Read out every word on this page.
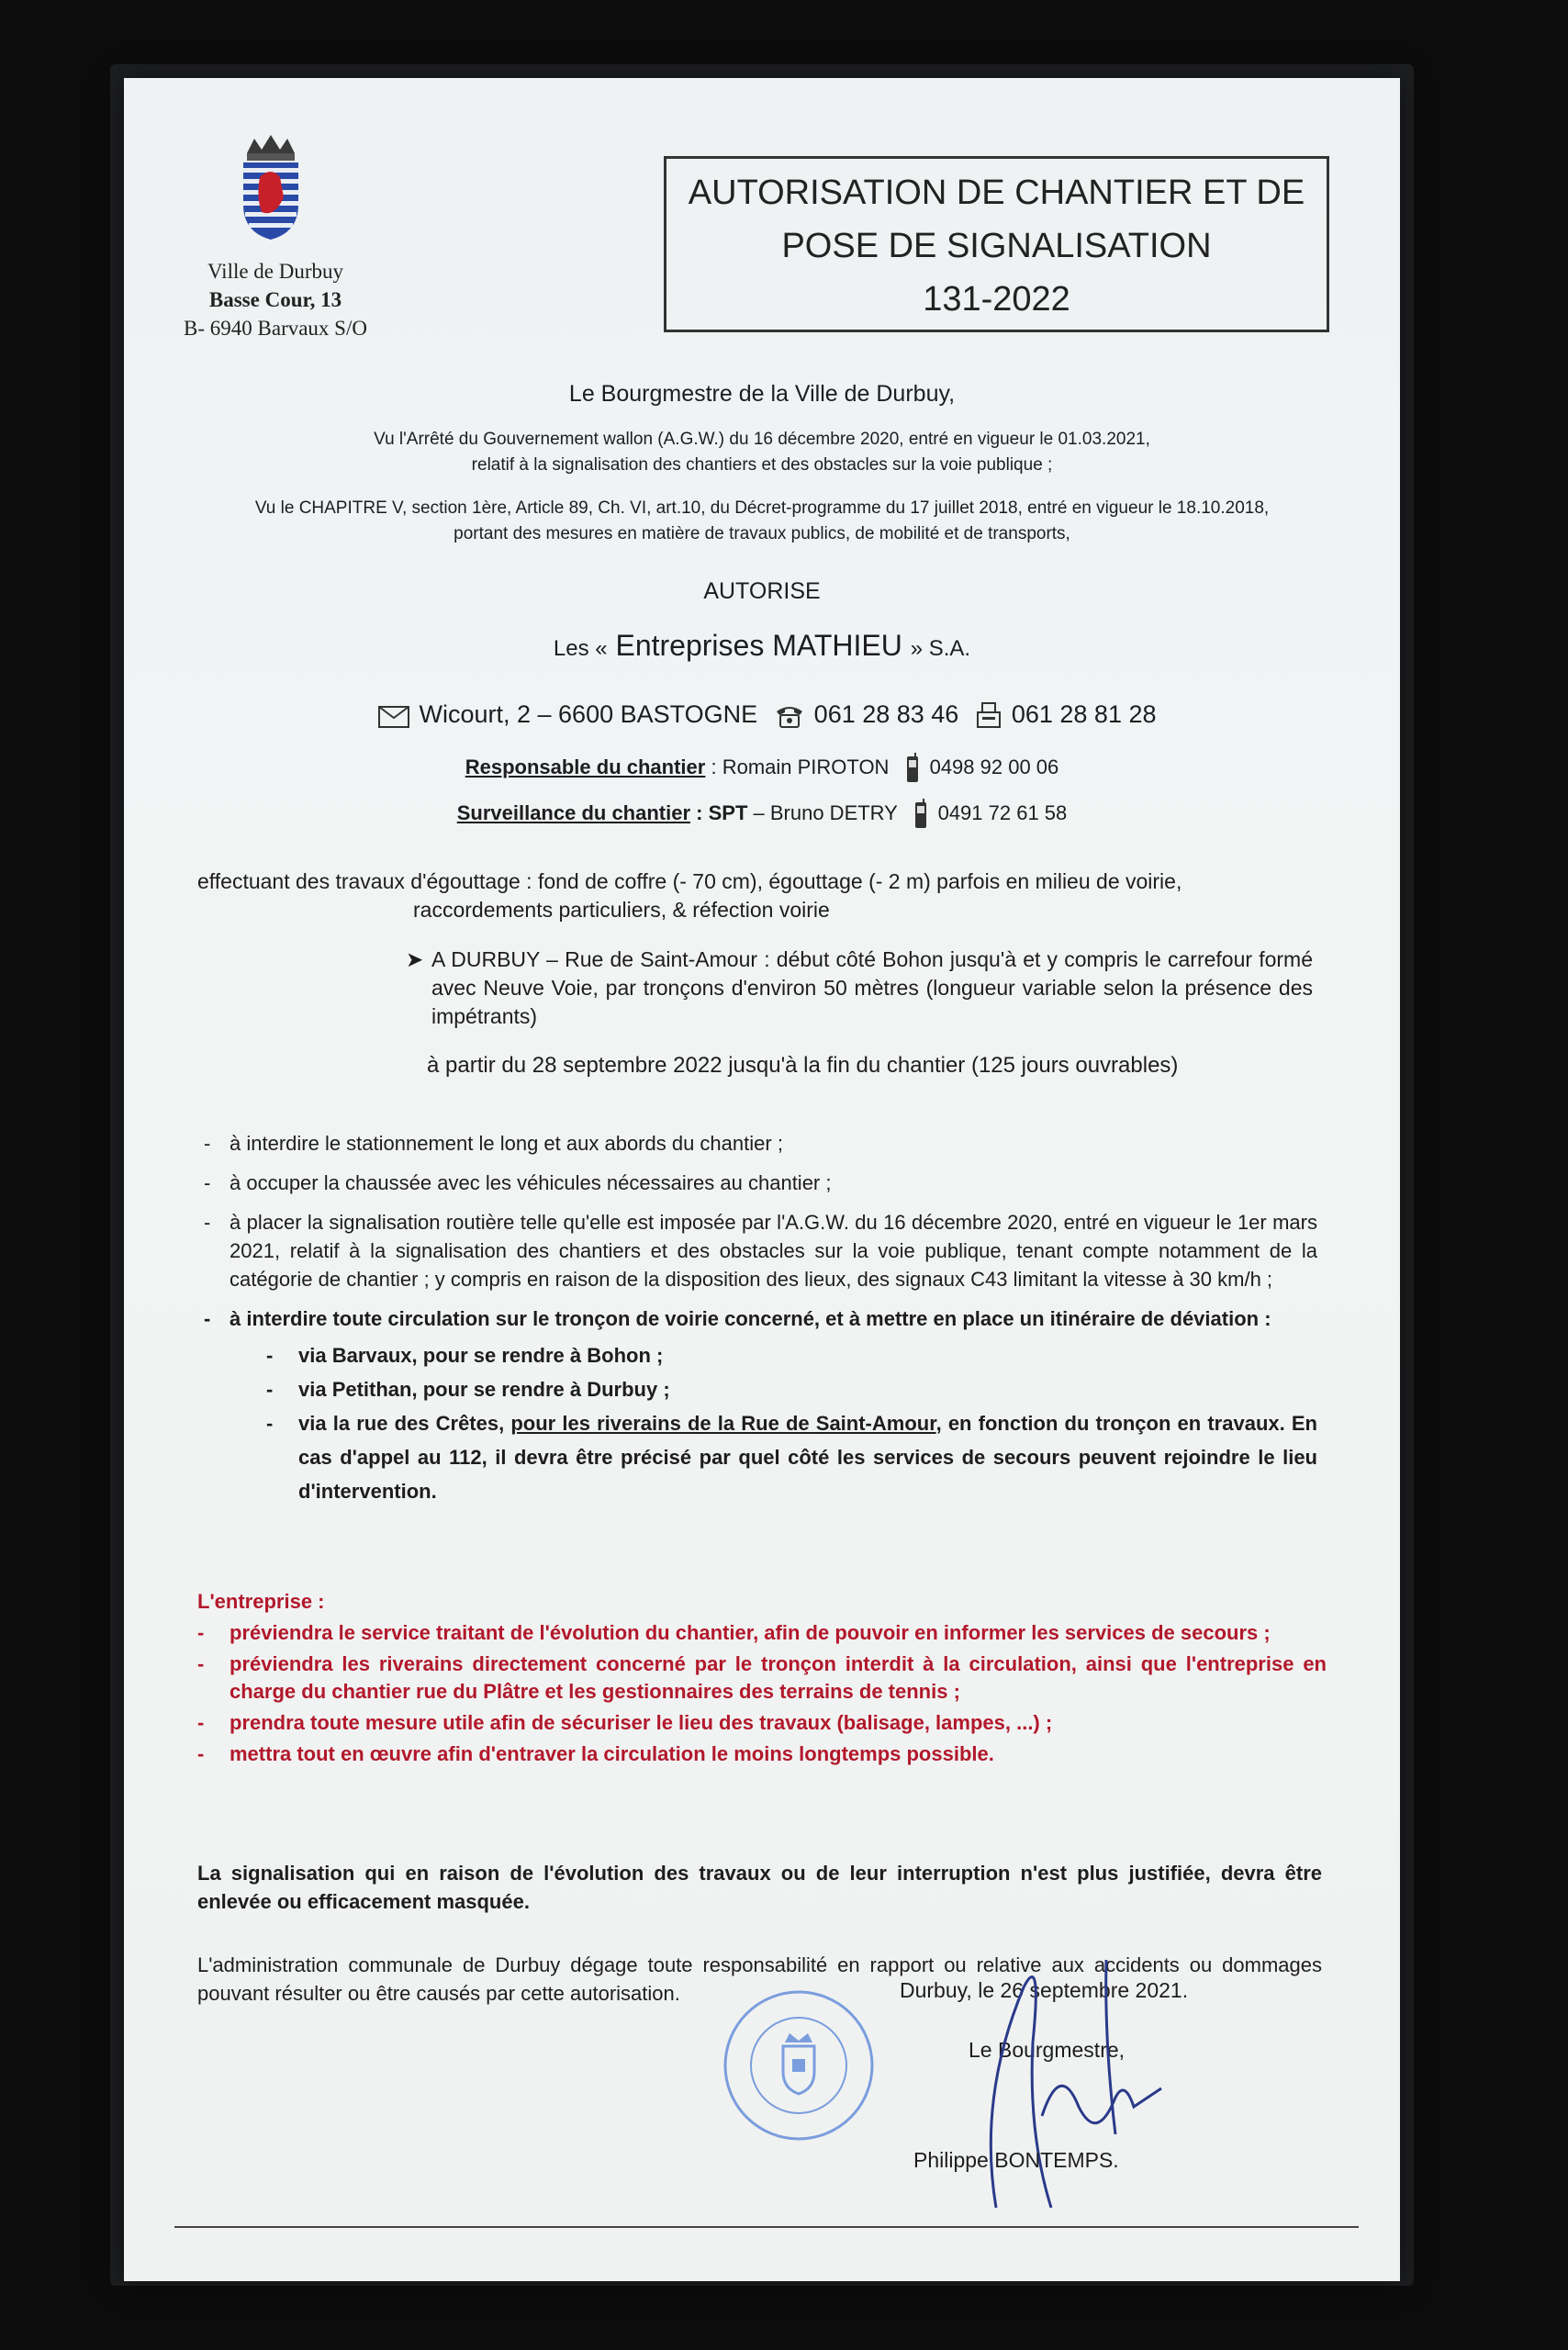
Ville de Durbuy
Basse Cour, 13
B- 6940 Barvaux S/O
AUTORISATION DE CHANTIER ET DE
POSE DE SIGNALISATION
131-2022
Le Bourgmestre de la Ville de Durbuy,
Vu l'Arrêté du Gouvernement wallon (A.G.W.) du 16 décembre 2020, entré en vigueur le 01.03.2021,
relatif à la signalisation des chantiers et des obstacles sur la voie publique ;
Vu le CHAPITRE V, section 1ère, Article 89, Ch. VI, art.10, du Décret-programme du 17 juillet 2018, entré en vigueur le 18.10.2018,
portant des mesures en matière de travaux publics, de mobilité et de transports,
AUTORISE
Les « Entreprises MATHIEU » S.A.
Wicourt, 2 – 6600 BASTOGNE 061 28 83 46 061 28 81 28
Responsable du chantier : Romain PIROTON 0498 92 00 06
Surveillance du chantier : SPT – Bruno DETRY 0491 72 61 58
effectuant des travaux d'égouttage : fond de coffre (- 70 cm), égouttage (- 2 m) parfois en milieu de voirie,
raccordements particuliers, & réfection voirie
➤ A DURBUY – Rue de Saint-Amour : début côté Bohon jusqu'à et y compris le carrefour formé avec Neuve Voie, par tronçons d'environ 50 mètres (longueur variable selon la présence des impétrants)
à partir du 28 septembre 2022 jusqu'à la fin du chantier (125 jours ouvrables)
- à interdire le stationnement le long et aux abords du chantier ;
- à occuper la chaussée avec les véhicules nécessaires au chantier ;
- à placer la signalisation routière telle qu'elle est imposée par l'A.G.W. du 16 décembre 2020, entré en vigueur le 1er mars 2021, relatif à la signalisation des chantiers et des obstacles sur la voie publique, tenant compte notamment de la catégorie de chantier ; y compris en raison de la disposition des lieux, des signaux C43 limitant la vitesse à 30 km/h ;
- à interdire toute circulation sur le tronçon de voirie concerné, et à mettre en place un itinéraire de déviation :
- via Barvaux, pour se rendre à Bohon ;
- via Petithan, pour se rendre à Durbuy ;
- via la rue des Crêtes, pour les riverains de la Rue de Saint-Amour, en fonction du tronçon en travaux. En cas d'appel au 112, il devra être précisé par quel côté les services de secours peuvent rejoindre le lieu d'intervention.
L'entreprise :
- préviendra le service traitant de l'évolution du chantier, afin de pouvoir en informer les services de secours ;
- préviendra les riverains directement concerné par le tronçon interdit à la circulation, ainsi que l'entreprise en charge du chantier rue du Plâtre et les gestionnaires des terrains de tennis ;
- prendra toute mesure utile afin de sécuriser le lieu des travaux (balisage, lampes, ...) ;
- mettra tout en œuvre afin d'entraver la circulation le moins longtemps possible.
La signalisation qui en raison de l'évolution des travaux ou de leur interruption n'est plus justifiée, devra être enlevée ou efficacement masquée.
L'administration communale de Durbuy dégage toute responsabilité en rapport ou relative aux accidents ou dommages pouvant résulter ou être causés par cette autorisation.	Durbuy, le 26 septembre 2021.
Le Bourgmestre,
Philippe BONTEMPS.
